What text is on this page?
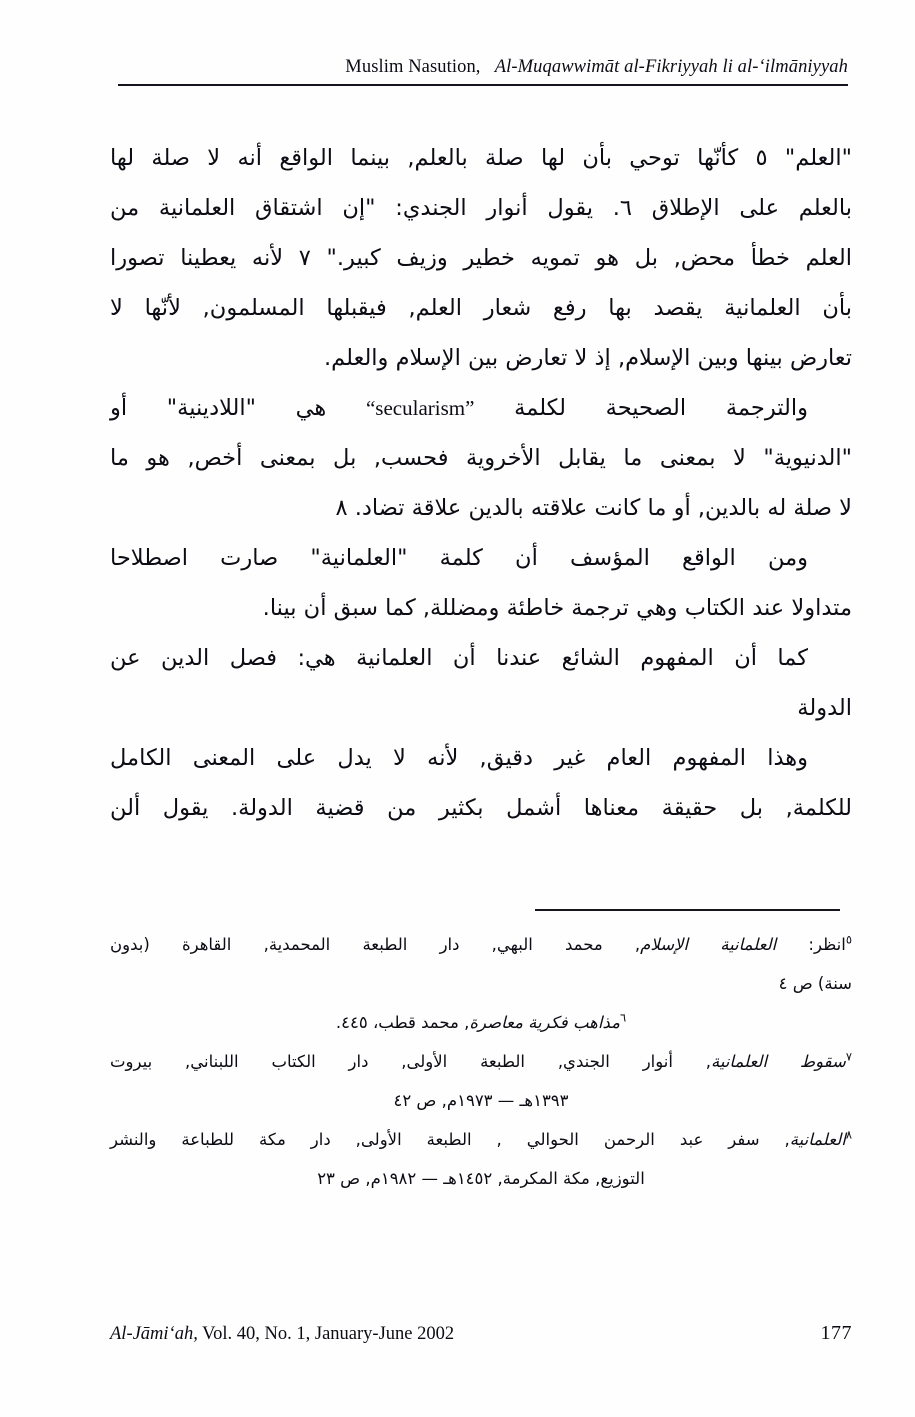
Muslim Nasution, Al-Muqawwimāt al-Fikriyyah li al-‘ilmāniyyah

"العلم" ٥ كأنّها توحي بأن لها صلة بالعلم, بينما الواقع أنه لا صلة لها
بالعلم على الإطلاق ٦. يقول أنوار الجندي: "إن اشتقاق العلمانية من
العلم خطأ محض, بل هو تمويه خطير وزيف كبير." ٧ لأنه يعطينا تصورا
بأن العلمانية يقصد بها رفع شعار العلم, فيقبلها المسلمون, لأنّها لا
تعارض بينها وبين الإسلام, إذ لا تعارض بين الإسلام والعلم.

والترجمة الصحيحة لكلمة “secularism” هي "اللادينية" أو
"الدنيوية" لا بمعنى ما يقابل الأخروية فحسب, بل بمعنى أخص, هو ما
لا صلة له بالدين, أو ما كانت علاقته بالدين علاقة تضاد. ٨

ومن الواقع المؤسف أن كلمة "العلمانية" صارت اصطلاحا
متداولا عند الكتاب وهي ترجمة خاطئة ومضللة, كما سبق أن بينا.

كما أن المفهوم الشائع عندنا أن العلمانية هي: فصل الدين عن
الدولة

وهذا المفهوم العام غير دقيق, لأنه لا يدل على المعنى الكامل
للكلمة, بل حقيقة معناها أشمل بكثير من قضية الدولة. يقول ألن

$^٥$انظر: العلمانية الإسلام, محمد البهي, دار الطبعة المحمدية, القاهرة (بدون
سنة) ص ٤

$^٦$مذاهب فكرية معاصرة, محمد قطب، ٤٤٥.

$^٧$سقوط العلمانية, أنوار الجندي, الطبعة الأولى, دار الكتاب اللبناني, بيروت
١٣٩٣هـ — ١٩٧٣م, ص ٤٢

$^٨$العلمانية, سفر عبد الرحمن الحوالي , الطبعة الأولى, دار مكة للطباعة والنشر
التوزيع, مكة المكرمة, ١٤٥٢هـ — ١٩٨٢م, ص ٢٣

Al-Jāmi‘ah, Vol. 40, No. 1, January-June 2002	177
